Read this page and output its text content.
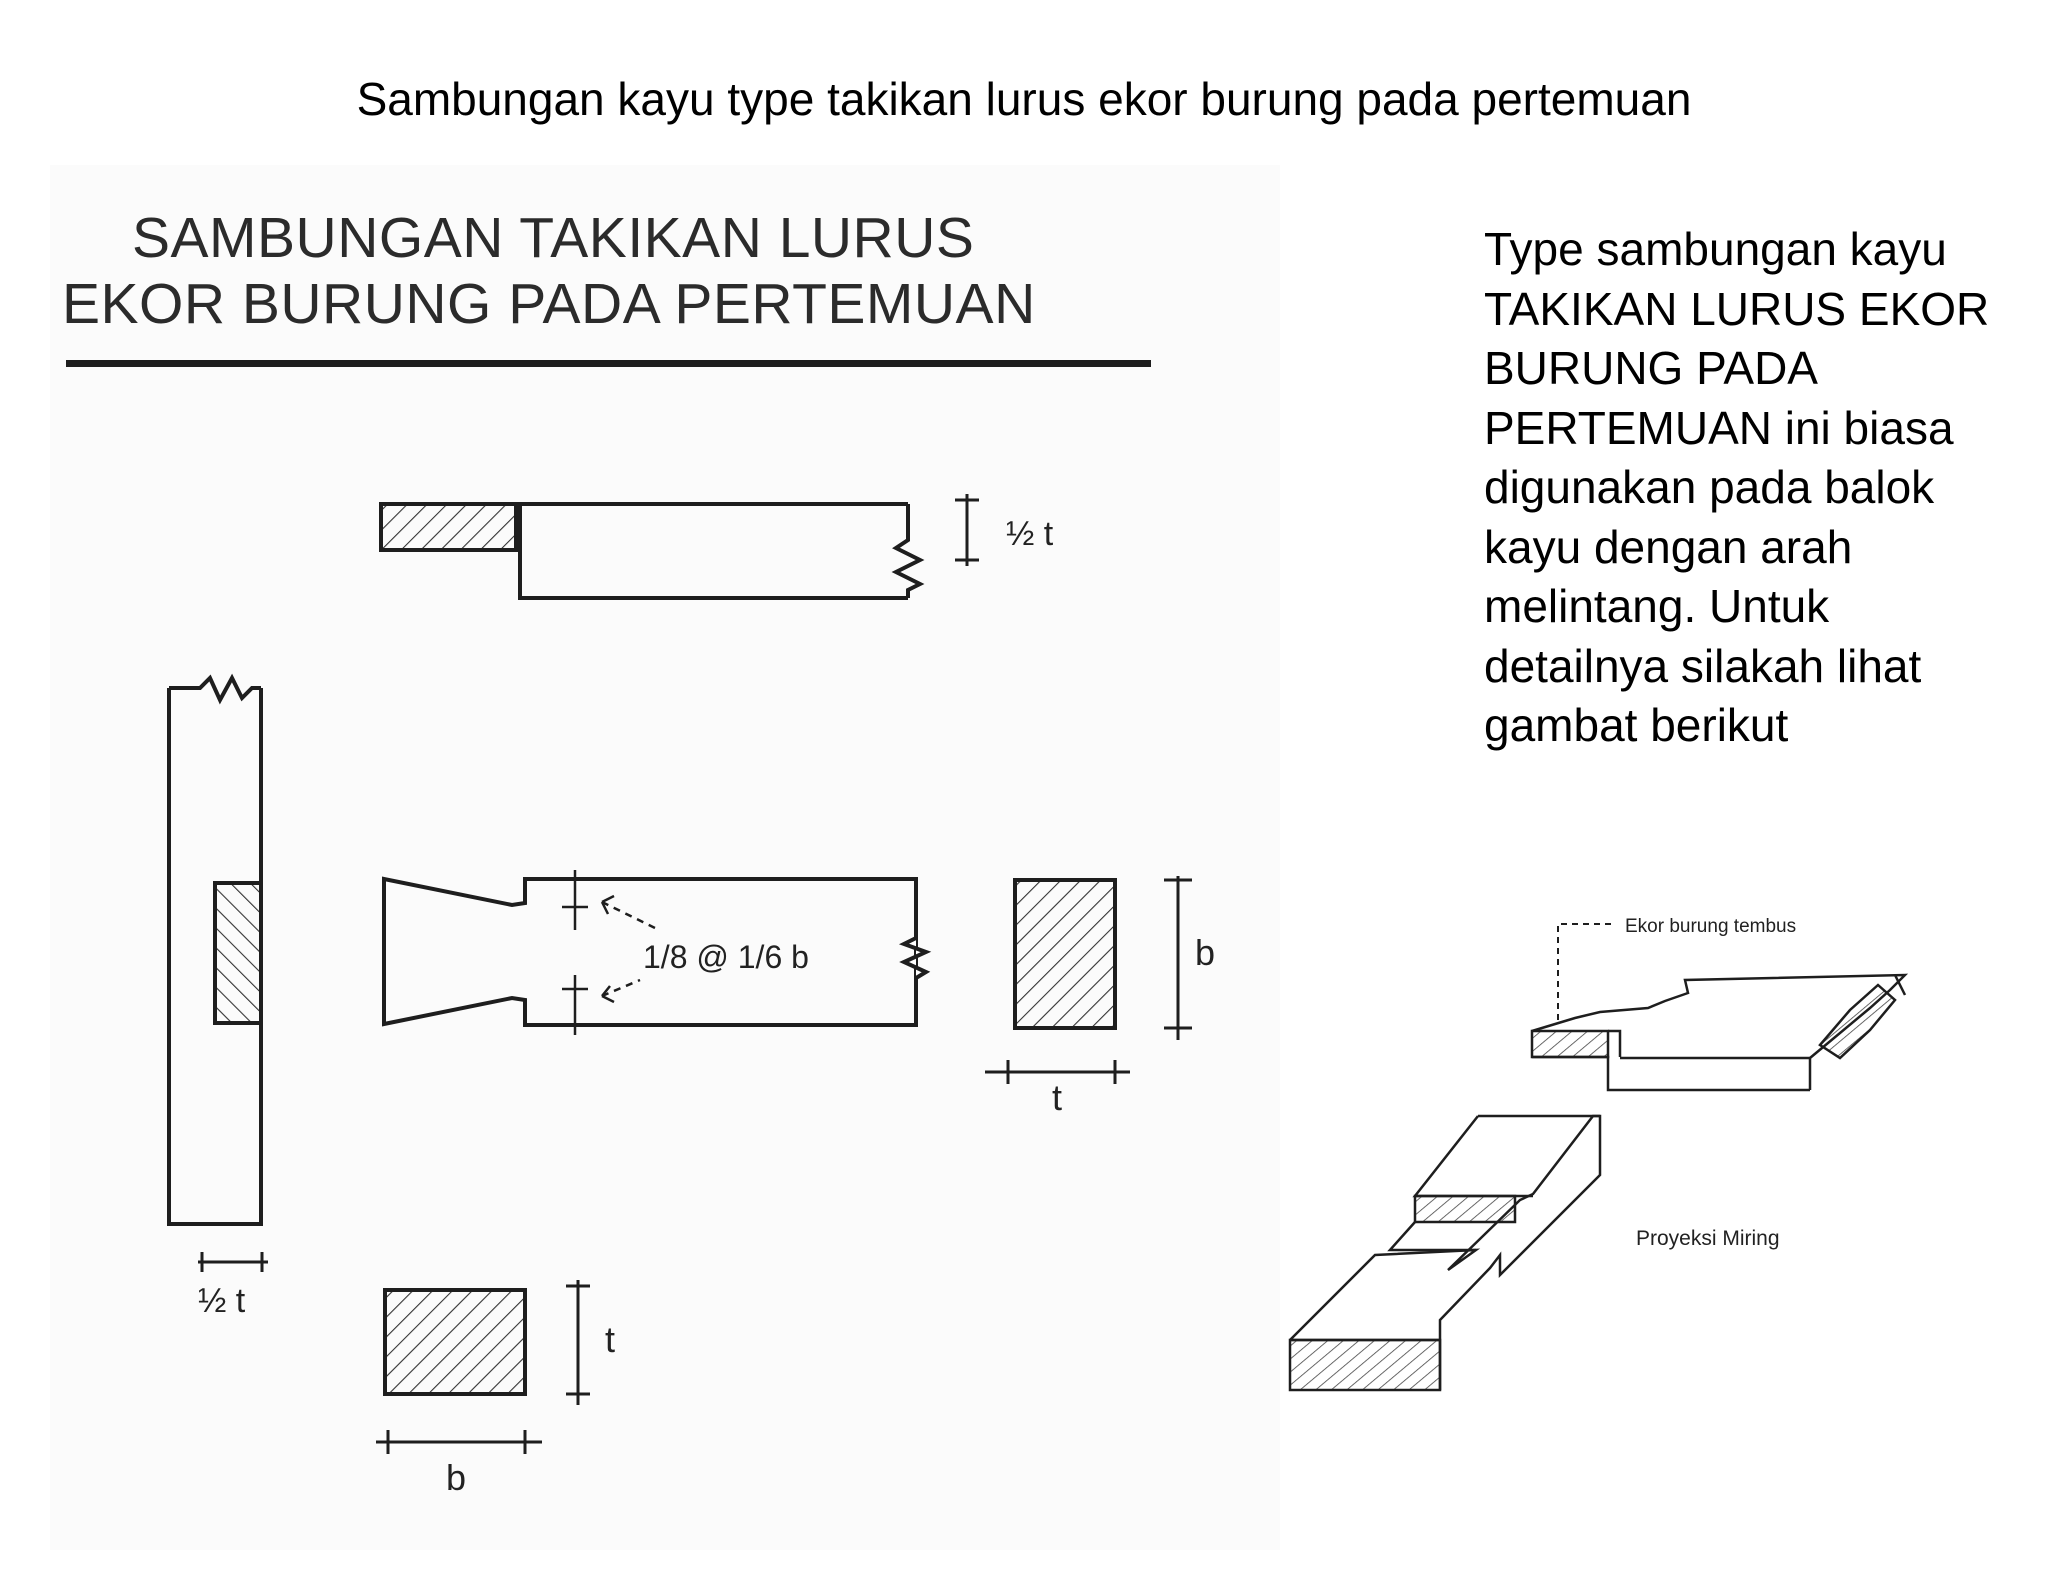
Sambungan kayu type takikan lurus ekor burung pada pertemuan
SAMBUNGAN TAKIKAN LURUS
EKOR BURUNG PADA PERTEMUAN

Type sambungan kayu TAKIKAN LURUS EKOR BURUNG PADA PERTEMUAN ini biasa digunakan pada balok kayu dengan arah melintang. Untuk detailnya silakah lihat gambat berikut

½ t
½ t
1/8 @ 1/6 b	b
t
t
b
Ekor burung tembus
Proyeksi Miring
